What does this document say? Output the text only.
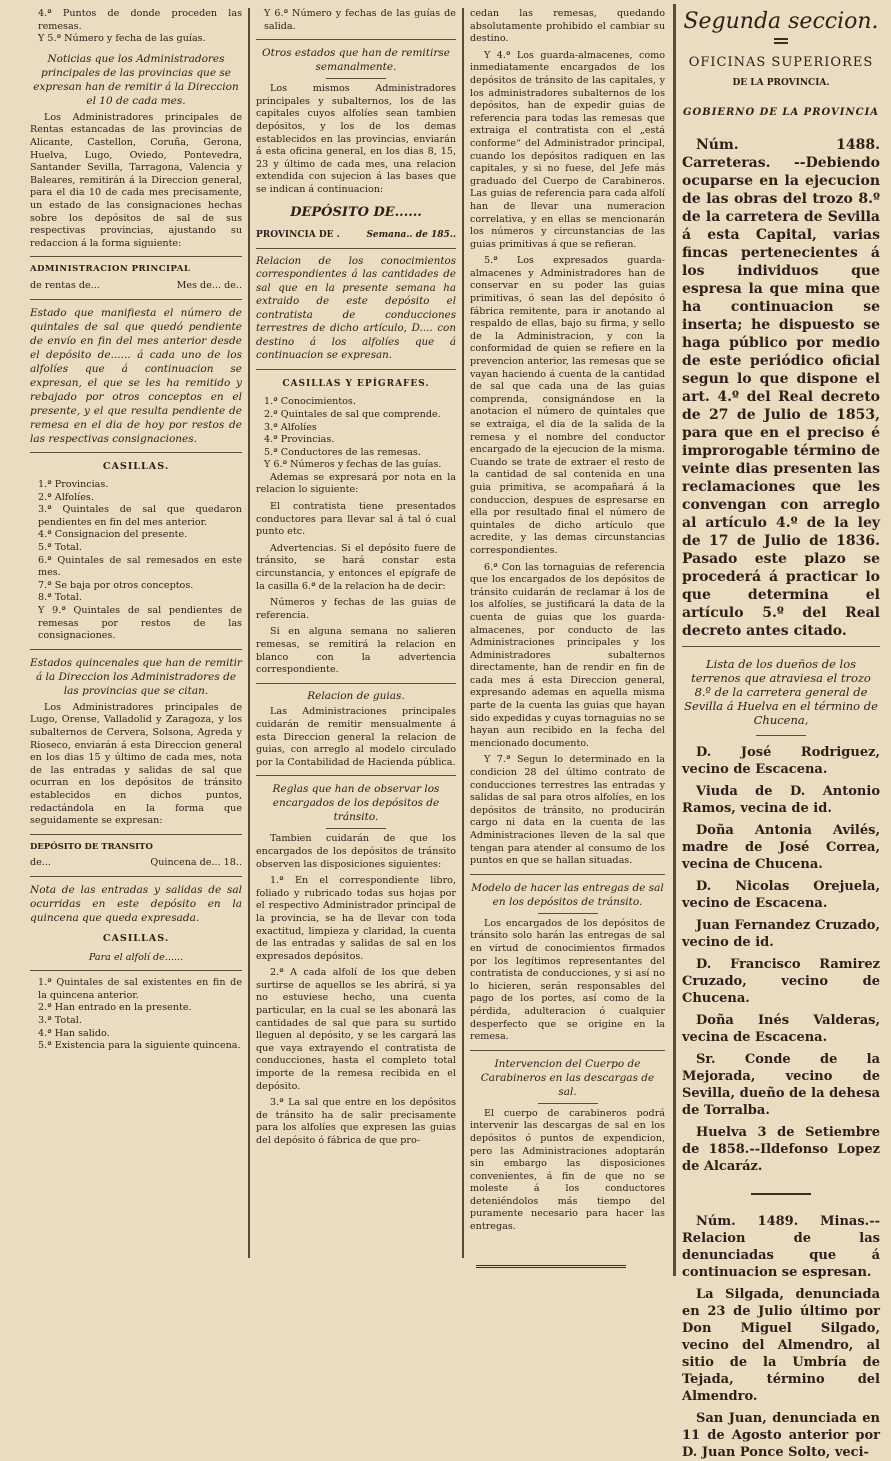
4.ª Puntos de donde proceden las remesas.

Y 5.ª Número y fecha de las guías.

Noticias que los Administradores principales de las provincias que se expresan han de remitir á la Direccion el 10 de cada mes.

Los Administradores principales de Rentas estancadas de las provincias de Alicante, Castellon, Coruña, Gerona, Huelva, Lugo, Oviedo, Pontevedra, Santander Sevilla, Tarragona, Valencia y Baleares, remitirán á la Direccion general, para el dia 10 de cada mes precisamente, un estado de las consignaciones hechas sobre los depósitos de sal de sus respectivas provincias, ajustando su redaccion á la forma siguiente:

ADMINISTRACION PRINCIPAL

de rentas de...	Mes de... de..

Estado que manifiesta el número de quintales de sal que quedó pendiente de envío en fin del mes anterior desde el depósito de...... á cada uno de los alfolíes que á continuacion se expresan, el que se les ha remitido y rebajado por otros conceptos en el presente, y el que resulta pendiente de remesa en el dia de hoy por restos de las respectivas consignaciones.

CASILLAS.

1.ª Provincias.

2.ª Alfolíes.

3.ª Quintales de sal que quedaron pendientes en fin del mes anterior.

4.ª Consignacion del presente.

5.ª Total.

6.ª Quintales de sal remesados en este mes.

7.ª Se baja por otros conceptos.

8.ª Total.

Y 9.ª Quintales de sal pendientes de remesas por restos de las consignaciones.

Estados quincenales que han de remitir á la Direccion los Administradores de las provincias que se citan.

Los Administradores principales de Lugo, Orense, Valladolid y Zaragoza, y los subalternos de Cervera, Solsona, Agreda y Rioseco, enviarán á esta Direccion general en los dias 15 y último de cada mes, nota de las entradas y salidas de sal que ocurran en los depósitos de tránsito establecidos en dichos puntos, redactándola en la forma que seguidamente se expresan:

DEPÓSITO DE TRANSITO

de...	Quincena de... 18..

Nota de las entradas y salidas de sal ocurridas en este depósito en la quincena que queda expresada.

CASILLAS.

Para el alfolí de......

1.ª Quintales de sal existentes en fin de la quincena anterior.

2.ª Han entrado en la presente.

3.ª Total.

4.ª Han salido.

5.ª Existencia para la siguiente quincena.

Y 6.ª Número y fechas de las guías de salida.

Otros estados que han de remitirse semanalmente.

Los mismos Administradores principales y subalternos, los de las capitales cuyos alfolíes sean tambien depósitos, y los de los demas establecidos en las provincias, enviarán á esta oficina general, en los dias 8, 15, 23 y último de cada mes, una relacion extendida con sujecion á las bases que se indican á continuacion:

DEPÓSITO DE......

PROVINCIA DE .	Semana.. de 185..

Relacion de los conocimientos correspondientes á las cantidades de sal que en la presente semana ha extraido de este depósito el contratista de conducciones terrestres de dicho artículo, D.... con destino á los alfolíes que á continuacion se expresan.

CASILLAS Y EPÍGRAFES.

1.ª Conocimientos.

2.ª Quintales de sal que comprende.

3.ª Alfolíes

4.ª Provincias.

5.ª Conductores de las remesas.

Y 6.ª Números y fechas de las guías.

Ademas se expresará por nota en la relacion lo siguiente:

El contratista tiene presentados conductores para llevar sal á tal ó cual punto etc.

Advertencias. Si el depósito fuere de tránsito, se hará constar esta circunstancia, y entonces el epígrafe de la casilla 6.ª de la relacion ha de decir:

Números y fechas de las guias de referencia.

Si en alguna semana no salieren remesas, se remitirá la relacion en blanco con la advertencia correspondiente.

Relacion de guias.

Las Administraciones principales cuidarán de remitir mensualmente á esta Direccion general la relacion de guias, con arreglo al modelo circulado por la Contabilidad de Hacienda pública.

Reglas que han de observar los encargados de los depósitos de tránsito.

Tambien cuidarán de que los encargados de los depósitos de tránsito observen las disposiciones siguientes:

1.ª En el correspondiente libro, foliado y rubricado todas sus hojas por el respectivo Administrador principal de la provincia, se ha de llevar con toda exactitud, limpieza y claridad, la cuenta de las entradas y salidas de sal en los expresados depósitos.

2.ª A cada alfolí de los que deben surtirse de aquellos se les abrirá, si ya no estuviese hecho, una cuenta particular, en la cual se les abonará las cantidades de sal que para su surtido lleguen al depósito, y se les cargará las que vaya extrayendo el contratista de conducciones, hasta el completo total importe de la remesa recibida en el depósito.

3.ª La sal que entre en los depósitos de tránsito ha de salir precisamente para los alfolíes que expresen las guias del depósito ó fábrica de que pro-

cedan las remesas, quedando absolutamente prohibido el cambiar su destino.

Y 4.ª Los guarda-almacenes, como inmediatamente encargados de los depósitos de tránsito de las capitales, y los administradores subalternos de los depósitos, han de expedir guias de referencia para todas las remesas que extraiga el contratista con el „está conforme“ del Administrador principal, cuando los depósitos radiquen en las capitales, y si no fuese, del Jefe más graduado del Cuerpo de Carabineros. Las guias de referencia para cada alfolí han de llevar una numeracion correlativa, y en ellas se mencionarán los números y circunstancias de las guias primitivas á que se refieran.

5.ª Los expresados guarda-almacenes y Administradores han de conservar en su poder las guias primitivas, ó sean las del depósito ó fábrica remitente, para ir anotando al respaldo de ellas, bajo su firma, y sello de la Administracion, y con la conformidad de quien se refiere en la prevencion anterior, las remesas que se vayan haciendo á cuenta de la cantidad de sal que cada una de las guias comprenda, consignándose en la anotacion el número de quintales que se extraiga, el dia de la salida de la remesa y el nombre del conductor encargado de la ejecucion de la misma. Cuando se trate de extraer el resto de la cantidad de sal contenida en una guia primitiva, se acompañará á la conduccion, despues de espresarse en ella por resultado final el número de quintales de dicho artículo que acredite, y las demas circunstancias correspondientes.

6.ª Con las tornaguias de referencia que los encargados de los depósitos de tránsito cuidarán de reclamar á los de los alfolíes, se justificará la data de la cuenta de guias que los guarda-almacenes, por conducto de las Administraciones principales y los Administradores subalternos directamente, han de rendir en fin de cada mes á esta Direccion general, expresando ademas en aquella misma parte de la cuenta las guias que hayan sido expedidas y cuyas tornaguias no se hayan aun recibido en la fecha del mencionado documento.

Y 7.ª Segun lo determinado en la condicion 28 del último contrato de conducciones terrestres las entradas y salidas de sal para otros alfolíes, en los depósitos de tránsito, no producirán cargo ni data en la cuenta de las Administraciones lleven de la sal que tengan para atender al consumo de los puntos en que se hallan situadas.

Modelo de hacer las entregas de sal en los depósitos de tránsito.

Los encargados de los depósitos de tránsito solo harán las entregas de sal en virtud de conocimientos firmados por los legítimos representantes del contratista de conducciones, y si así no lo hicieren, serán responsables del pago de los portes, así como de la pérdida, adulteracion ó cualquier desperfecto que se origine en la remesa.

Intervencion del Cuerpo de Carabineros en las descargas de sal.

El cuerpo de carabineros podrá intervenir las descargas de sal en los depósitos ó puntos de expendicion, pero las Administraciones adoptarán sin embargo las disposiciones convenientes, á fin de que no se moleste á los conductores deteniéndolos más tiempo del puramente necesario para hacer las entregas.

Segunda seccion.

OFICINAS SUPERIORES

DE LA PROVINCIA.

GOBIERNO DE LA PROVINCIA

Núm. 1488. Carreteras. --Debiendo ocuparse en la ejecucion de las obras del trozo 8.º de la carretera de Sevilla á esta Capital, varias fincas pertenecientes á los individuos que espresa la que mina que ha continuacion se inserta; he dispuesto se haga público por medio de este periódico oficial segun lo que dispone el art. 4.º del Real decreto de 27 de Julio de 1853, para que en el preciso é improrogable término de veinte dias presenten las reclamaciones que les convengan con arreglo al artículo 4.º de la ley de 17 de Julio de 1836. Pasado este plazo se procederá á practicar lo que determina el artículo 5.º del Real decreto antes citado.

Lista de los dueños de los terrenos que atraviesa el trozo 8.º de la carretera general de Sevilla á Huelva en el término de Chucena,

D. José Rodriguez, vecino de Escacena.

Viuda de D. Antonio Ramos, vecina de id.

Doña Antonia Avilés, madre de José Correa, vecina de Chucena.

D. Nicolas Orejuela, vecino de Escacena.

Juan Fernandez Cruzado, vecino de id.

D. Francisco Ramirez Cruzado, vecino de Chucena.

Doña Inés Valderas, vecina de Escacena.

Sr. Conde de la Mejorada, vecino de Sevilla, dueño de la dehesa de Torralba.

Huelva 3 de Setiembre de 1858.--Ildefonso Lopez de Alcaráz.

Núm. 1489. Minas.--Relacion de las denunciadas que á continuacion se espresan.

La Silgada, denunciada en 23 de Julio último por Don Miguel Silgado, vecino del Almendro, al sitio de la Umbría de Tejada, término del Almendro.

San Juan, denunciada en 11 de Agosto anterior por D. Juan Ponce Solto, veci-
